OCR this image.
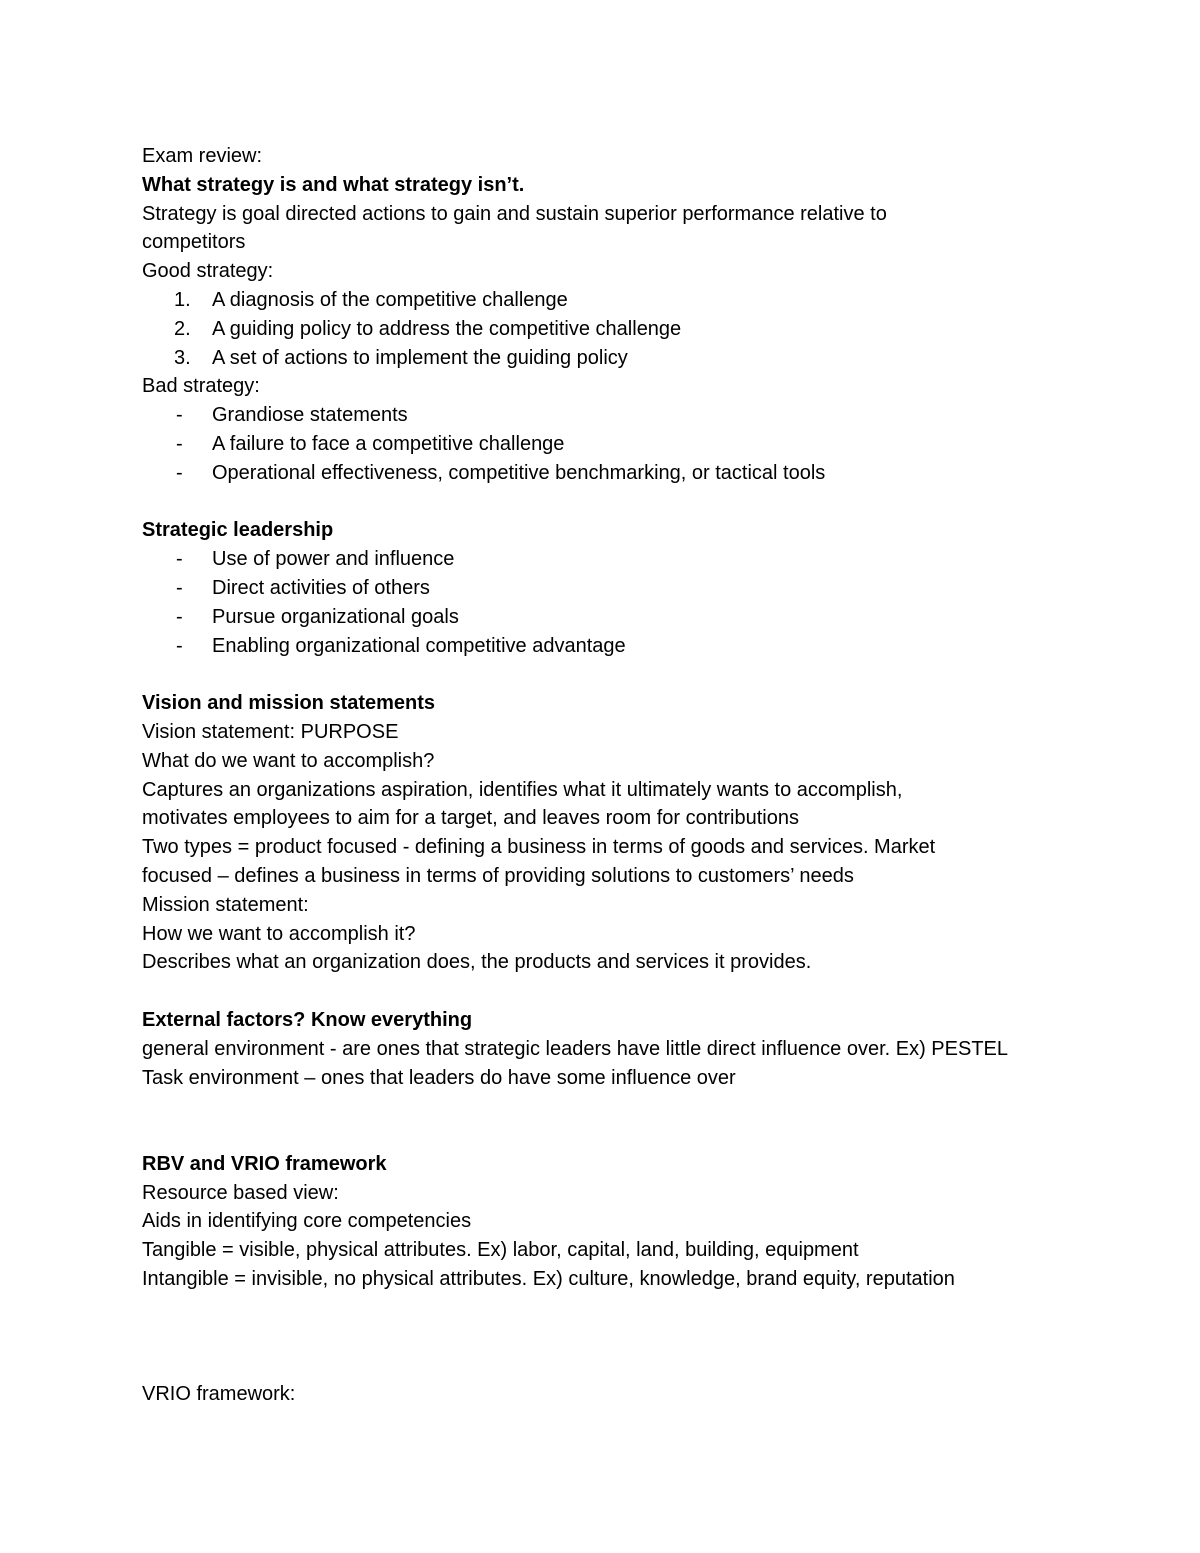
Exam review:
What strategy is and what strategy isn’t.
Strategy is goal directed actions to gain and sustain superior performance relative to
competitors
Good strategy:
1.	A diagnosis of the competitive challenge
2.	A guiding policy to address the competitive challenge
3.	A set of actions to implement the guiding policy
Bad strategy:
-	Grandiose statements
-	A failure to face a competitive challenge
-	Operational effectiveness, competitive benchmarking, or tactical tools
Strategic leadership
-	Use of power and influence
-	Direct activities of others
-	Pursue organizational goals
-	Enabling organizational competitive advantage
Vision and mission statements
Vision statement: PURPOSE
What do we want to accomplish?
Captures an organizations aspiration, identifies what it ultimately wants to accomplish,
motivates employees to aim for a target, and leaves room for contributions
Two types = product focused - defining a business in terms of goods and services. Market
focused – defines a business in terms of providing solutions to customers’ needs
Mission statement:
How we want to accomplish it?
Describes what an organization does, the products and services it provides.
External factors? Know everything
general environment - are ones that strategic leaders have little direct influence over. Ex) PESTEL
Task environment – ones that leaders do have some influence over
RBV and VRIO framework
Resource based view:
Aids in identifying core competencies
Tangible = visible, physical attributes. Ex) labor, capital, land, building, equipment
Intangible = invisible, no physical attributes. Ex) culture, knowledge, brand equity, reputation
VRIO framework:
